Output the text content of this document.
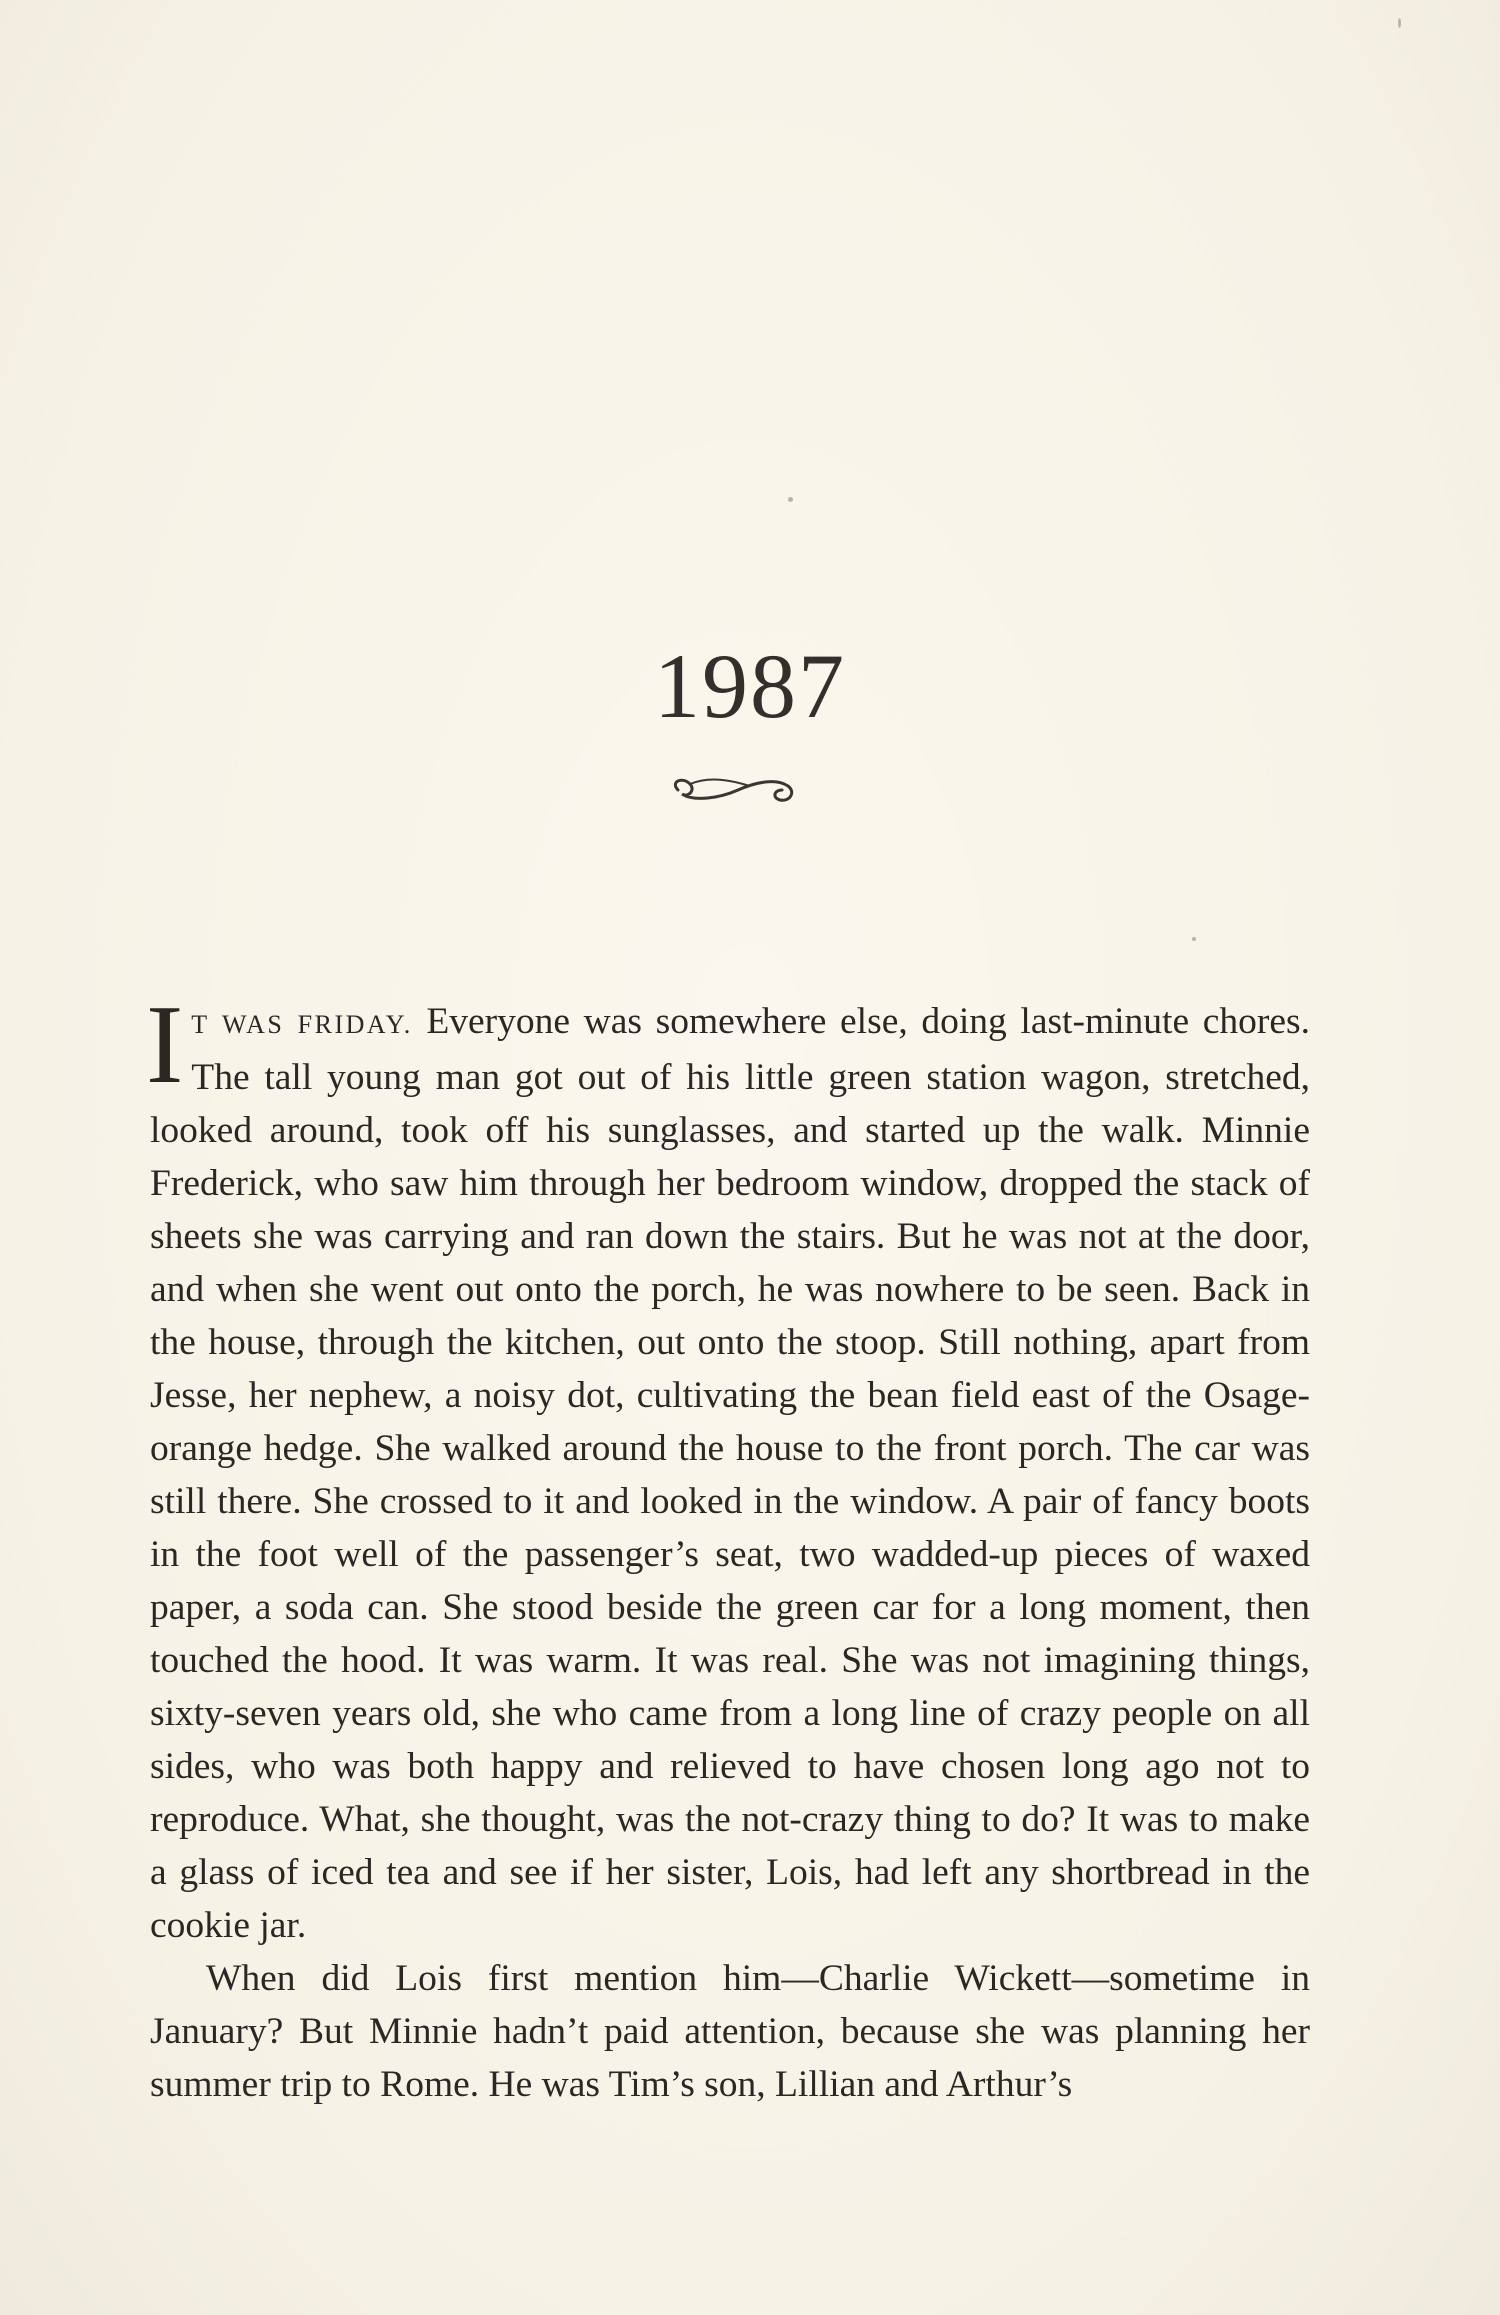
1987

IT WAS FRIDAY. Everyone was somewhere else, doing last-minute chores. The tall young man got out of his little green station wagon, stretched, looked around, took off his sunglasses, and started up the walk. Minnie Frederick, who saw him through her bedroom window, dropped the stack of sheets she was carrying and ran down the stairs. But he was not at the door, and when she went out onto the porch, he was nowhere to be seen. Back in the house, through the kitchen, out onto the stoop. Still nothing, apart from Jesse, her nephew, a noisy dot, cultivating the bean field east of the Osage-orange hedge. She walked around the house to the front porch. The car was still there. She crossed to it and looked in the window. A pair of fancy boots in the foot well of the passenger’s seat, two wadded-up pieces of waxed paper, a soda can. She stood beside the green car for a long moment, then touched the hood. It was warm. It was real. She was not imagining things, sixty-seven years old, she who came from a long line of crazy people on all sides, who was both happy and relieved to have chosen long ago not to reproduce. What, she thought, was the not-crazy thing to do? It was to make a glass of iced tea and see if her sister, Lois, had left any shortbread in the cookie jar.

When did Lois first mention him—Charlie Wickett—sometime in January? But Minnie hadn’t paid attention, because she was planning her summer trip to Rome. He was Tim’s son, Lillian and Arthur’s
